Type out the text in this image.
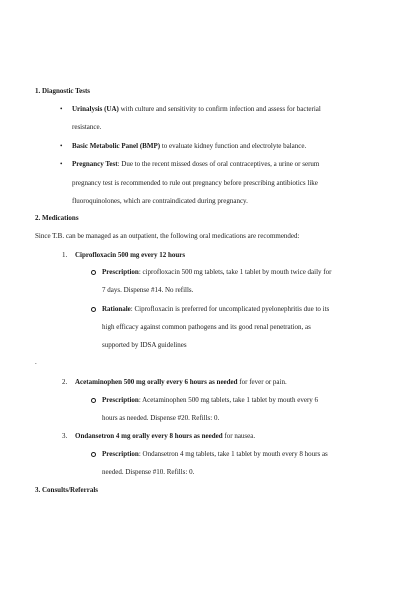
1. Diagnostic Tests
• Urinalysis (UA) with culture and sensitivity to confirm infection and assess for bacterial
resistance.
• Basic Metabolic Panel (BMP) to evaluate kidney function and electrolyte balance.
• Pregnancy Test: Due to the recent missed doses of oral contraceptives, a urine or serum
pregnancy test is recommended to rule out pregnancy before prescribing antibiotics like
fluoroquinolones, which are contraindicated during pregnancy.
2. Medications
Since T.B. can be managed as an outpatient, the following oral medications are recommended:
1. Ciprofloxacin 500 mg every 12 hours
Prescription: ciprofloxacin 500 mg tablets, take 1 tablet by mouth twice daily for
7 days. Dispense #14. No refills.
Rationale: Ciprofloxacin is preferred for uncomplicated pyelonephritis due to its
high efficacy against common pathogens and its good renal penetration, as
supported by IDSA guidelines
.
2. Acetaminophen 500 mg orally every 6 hours as needed for fever or pain.
Prescription: Acetaminophen 500 mg tablets, take 1 tablet by mouth every 6
hours as needed. Dispense #20. Refills: 0.
3. Ondansetron 4 mg orally every 8 hours as needed for nausea.
Prescription: Ondansetron 4 mg tablets, take 1 tablet by mouth every 8 hours as
needed. Dispense #10. Refills: 0.
3. Consults/Referrals
